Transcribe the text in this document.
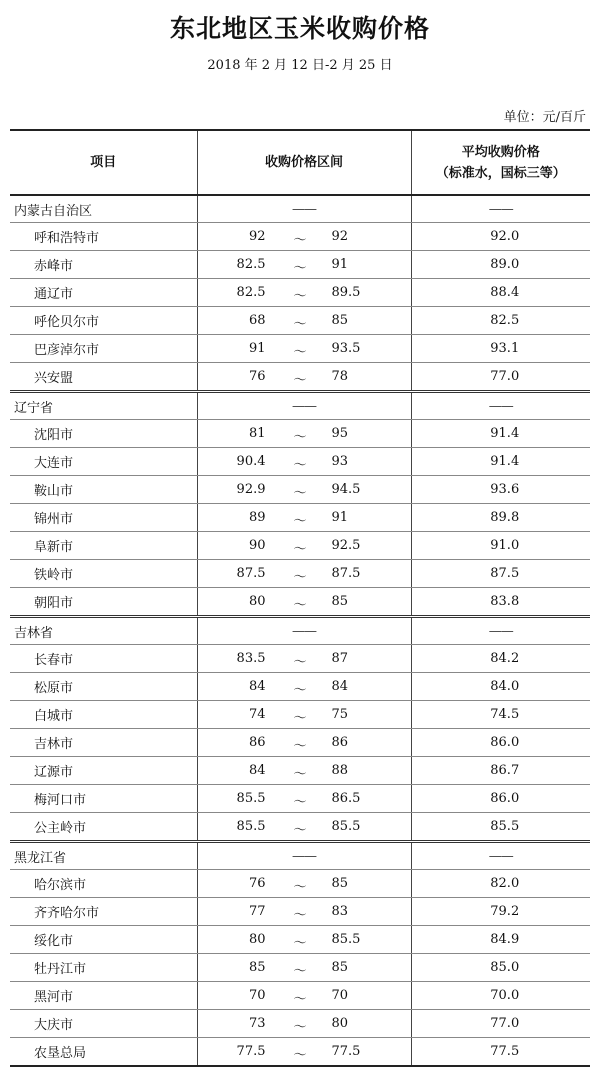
东北地区玉米收购价格
2018 年 2 月 12 日-2 月 25 日
单位：元/百斤
项目	收购价格区间	平均收购价格
（标准水，国标三等）

内蒙古自治区	——	——
呼和浩特市	92 ～ 92	92.0
赤峰市	82.5 ～ 91	89.0
通辽市	82.5 ～ 89.5	88.4
呼伦贝尔市	68 ～ 85	82.5
巴彦淖尔市	91 ～ 93.5	93.1
兴安盟	76 ～ 78	77.0
辽宁省	——	——
沈阳市	81 ～ 95	91.4
大连市	90.4 ～ 93	91.4
鞍山市	92.9 ～ 94.5	93.6
锦州市	89 ～ 91	89.8
阜新市	90 ～ 92.5	91.0
铁岭市	87.5 ～ 87.5	87.5
朝阳市	80 ～ 85	83.8
吉林省	——	——
长春市	83.5 ～ 87	84.2
松原市	84 ～ 84	84.0
白城市	74 ～ 75	74.5
吉林市	86 ～ 86	86.0
辽源市	84 ～ 88	86.7
梅河口市	85.5 ～ 86.5	86.0
公主岭市	85.5 ～ 85.5	85.5
黑龙江省	——	——
哈尔滨市	76 ～ 85	82.0
齐齐哈尔市	77 ～ 83	79.2
绥化市	80 ～ 85.5	84.9
牡丹江市	85 ～ 85	85.0
黑河市	70 ～ 70	70.0
大庆市	73 ～ 80	77.0
农垦总局	77.5 ～ 77.5	77.5
